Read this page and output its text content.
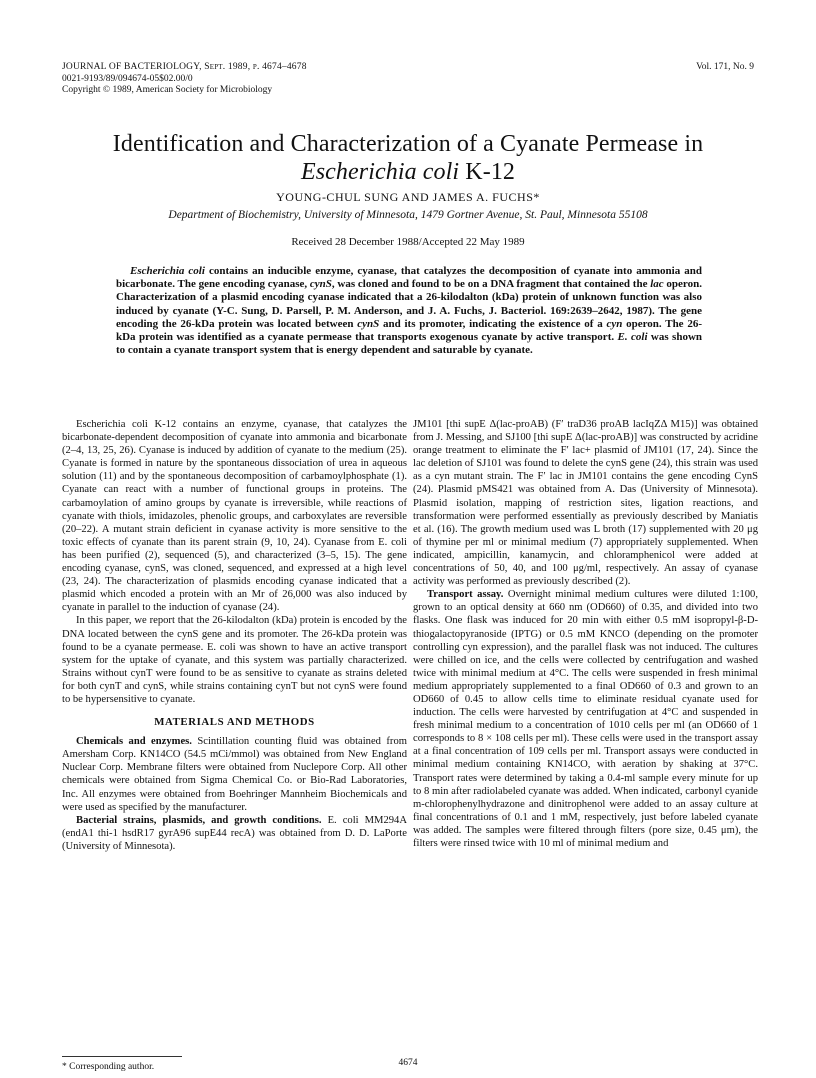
JOURNAL OF BACTERIOLOGY, Sept. 1989, p. 4674–4678
0021-9193/89/094674-05$02.00/0
Copyright © 1989, American Society for Microbiology
Vol. 171, No. 9
Identification and Characterization of a Cyanate Permease in
Escherichia coli K-12
YOUNG-CHUL SUNG AND JAMES A. FUCHS*
Department of Biochemistry, University of Minnesota, 1479 Gortner Avenue, St. Paul, Minnesota 55108
Received 28 December 1988/Accepted 22 May 1989

Escherichia coli contains an inducible enzyme, cyanase, that catalyzes the decomposition of cyanate into ammonia and bicarbonate. The gene encoding cyanase, cynS, was cloned and found to be on a DNA fragment that contained the lac operon. Characterization of a plasmid encoding cyanase indicated that a 26-kilodalton (kDa) protein of unknown function was also induced by cyanate (Y-C. Sung, D. Parsell, P. M. Anderson, and J. A. Fuchs, J. Bacteriol. 169:2639–2642, 1987). The gene encoding the 26-kDa protein was located between cynS and its promoter, indicating the existence of a cyn operon. The 26-kDa protein was identified as a cyanate permease that transports exogenous cyanate by active transport. E. coli was shown to contain a cyanate transport system that is energy dependent and saturable by cyanate.

Escherichia coli K-12 contains an enzyme, cyanase, that catalyzes the bicarbonate-dependent decomposition of cyanate into ammonia and bicarbonate (2–4, 13, 25, 26). Cyanase is induced by addition of cyanate to the medium (25). Cyanate is formed in nature by the spontaneous dissociation of urea in aqueous solution (11) and by the spontaneous decomposition of carbamoylphosphate (1). Cyanate can react with a number of functional groups in proteins. The carbamoylation of amino groups by cyanate is irreversible, while reactions of cyanate with thiols, imidazoles, phenolic groups, and carboxylates are reversible (20–22). A mutant strain deficient in cyanase activity is more sensitive to the toxic effects of cyanate than its parent strain (9, 10, 24). Cyanase from E. coli has been purified (2), sequenced (5), and characterized (3–5, 15). The gene encoding cyanase, cynS, was cloned, sequenced, and expressed at a high level (23, 24). The characterization of plasmids encoding cyanase indicated that a plasmid which encoded a protein with an Mr of 26,000 was also induced by cyanate in parallel to the induction of cyanase (24).

In this paper, we report that the 26-kilodalton (kDa) protein is encoded by the DNA located between the cynS gene and its promoter. The 26-kDa protein was found to be a cyanate permease. E. coli was shown to have an active transport system for the uptake of cyanate, and this system was partially characterized. Strains without cynT were found to be as sensitive to cyanate as strains deleted for both cynT and cynS, while strains containing cynT but not cynS were found to be hypersensitive to cyanate.

MATERIALS AND METHODS

Chemicals and enzymes. Scintillation counting fluid was obtained from Amersham Corp. KN14CO (54.5 mCi/mmol) was obtained from New England Nuclear Corp. Membrane filters were obtained from Nuclepore Corp. All other chemicals were obtained from Sigma Chemical Co. or Bio-Rad Laboratories, Inc. All enzymes were obtained from Boehringer Mannheim Biochemicals and were used as specified by the manufacturer.

Bacterial strains, plasmids, and growth conditions. E. coli MM294A (endA1 thi-1 hsdR17 gyrA96 supE44 recA) was obtained from D. D. LaPorte (University of Minnesota).

JM101 [thi supE Δ(lac-proAB) (F′ traD36 proAB lacIqZΔ M15)] was obtained from J. Messing, and SJ100 [thi supE Δ(lac-proAB)] was constructed by acridine orange treatment to eliminate the F′ lac+ plasmid of JM101 (17, 24). Since the lac deletion of SJ101 was found to delete the cynS gene (24), this strain was used as a cyn mutant strain. The F′ lac in JM101 contains the gene encoding CynS (24). Plasmid pMS421 was obtained from A. Das (University of Minnesota). Plasmid isolation, mapping of restriction sites, ligation reactions, and transformation were performed essentially as previously described by Maniatis et al. (16). The growth medium used was L broth (17) supplemented with 20 μg of thymine per ml or minimal medium (7) appropriately supplemented. When indicated, ampicillin, kanamycin, and chloramphenicol were added at concentrations of 50, 40, and 100 μg/ml, respectively. An assay of cyanase activity was performed as previously described (2).

Transport assay. Overnight minimal medium cultures were diluted 1:100, grown to an optical density at 660 nm (OD660) of 0.35, and divided into two flasks. One flask was induced for 20 min with either 0.5 mM isopropyl-β-D-thiogalactopyranoside (IPTG) or 0.5 mM KNCO (depending on the promoter controlling cyn expression), and the parallel flask was not induced. The cultures were chilled on ice, and the cells were collected by centrifugation and washed twice with minimal medium at 4°C. The cells were suspended in fresh minimal medium appropriately supplemented to a final OD660 of 0.3 and grown to an OD660 of 0.45 to allow cells time to eliminate residual cyanate used for induction. The cells were harvested by centrifugation at 4°C and suspended in fresh minimal medium to a concentration of 1010 cells per ml (an OD660 of 1 corresponds to 8 × 108 cells per ml). These cells were used in the transport assay at a final concentration of 109 cells per ml. Transport assays were conducted in minimal medium containing KN14CO, with aeration by shaking at 37°C. Transport rates were determined by taking a 0.4-ml sample every minute for up to 8 min after radiolabeled cyanate was added. When indicated, carbonyl cyanide m-chlorophenylhydrazone and dinitrophenol were added to an assay culture at final concentrations of 0.1 and 1 mM, respectively, just before labeled cyanate was added. The samples were filtered through filters (pore size, 0.45 μm), the filters were rinsed twice with 10 ml of minimal medium and

* Corresponding author.	4674
